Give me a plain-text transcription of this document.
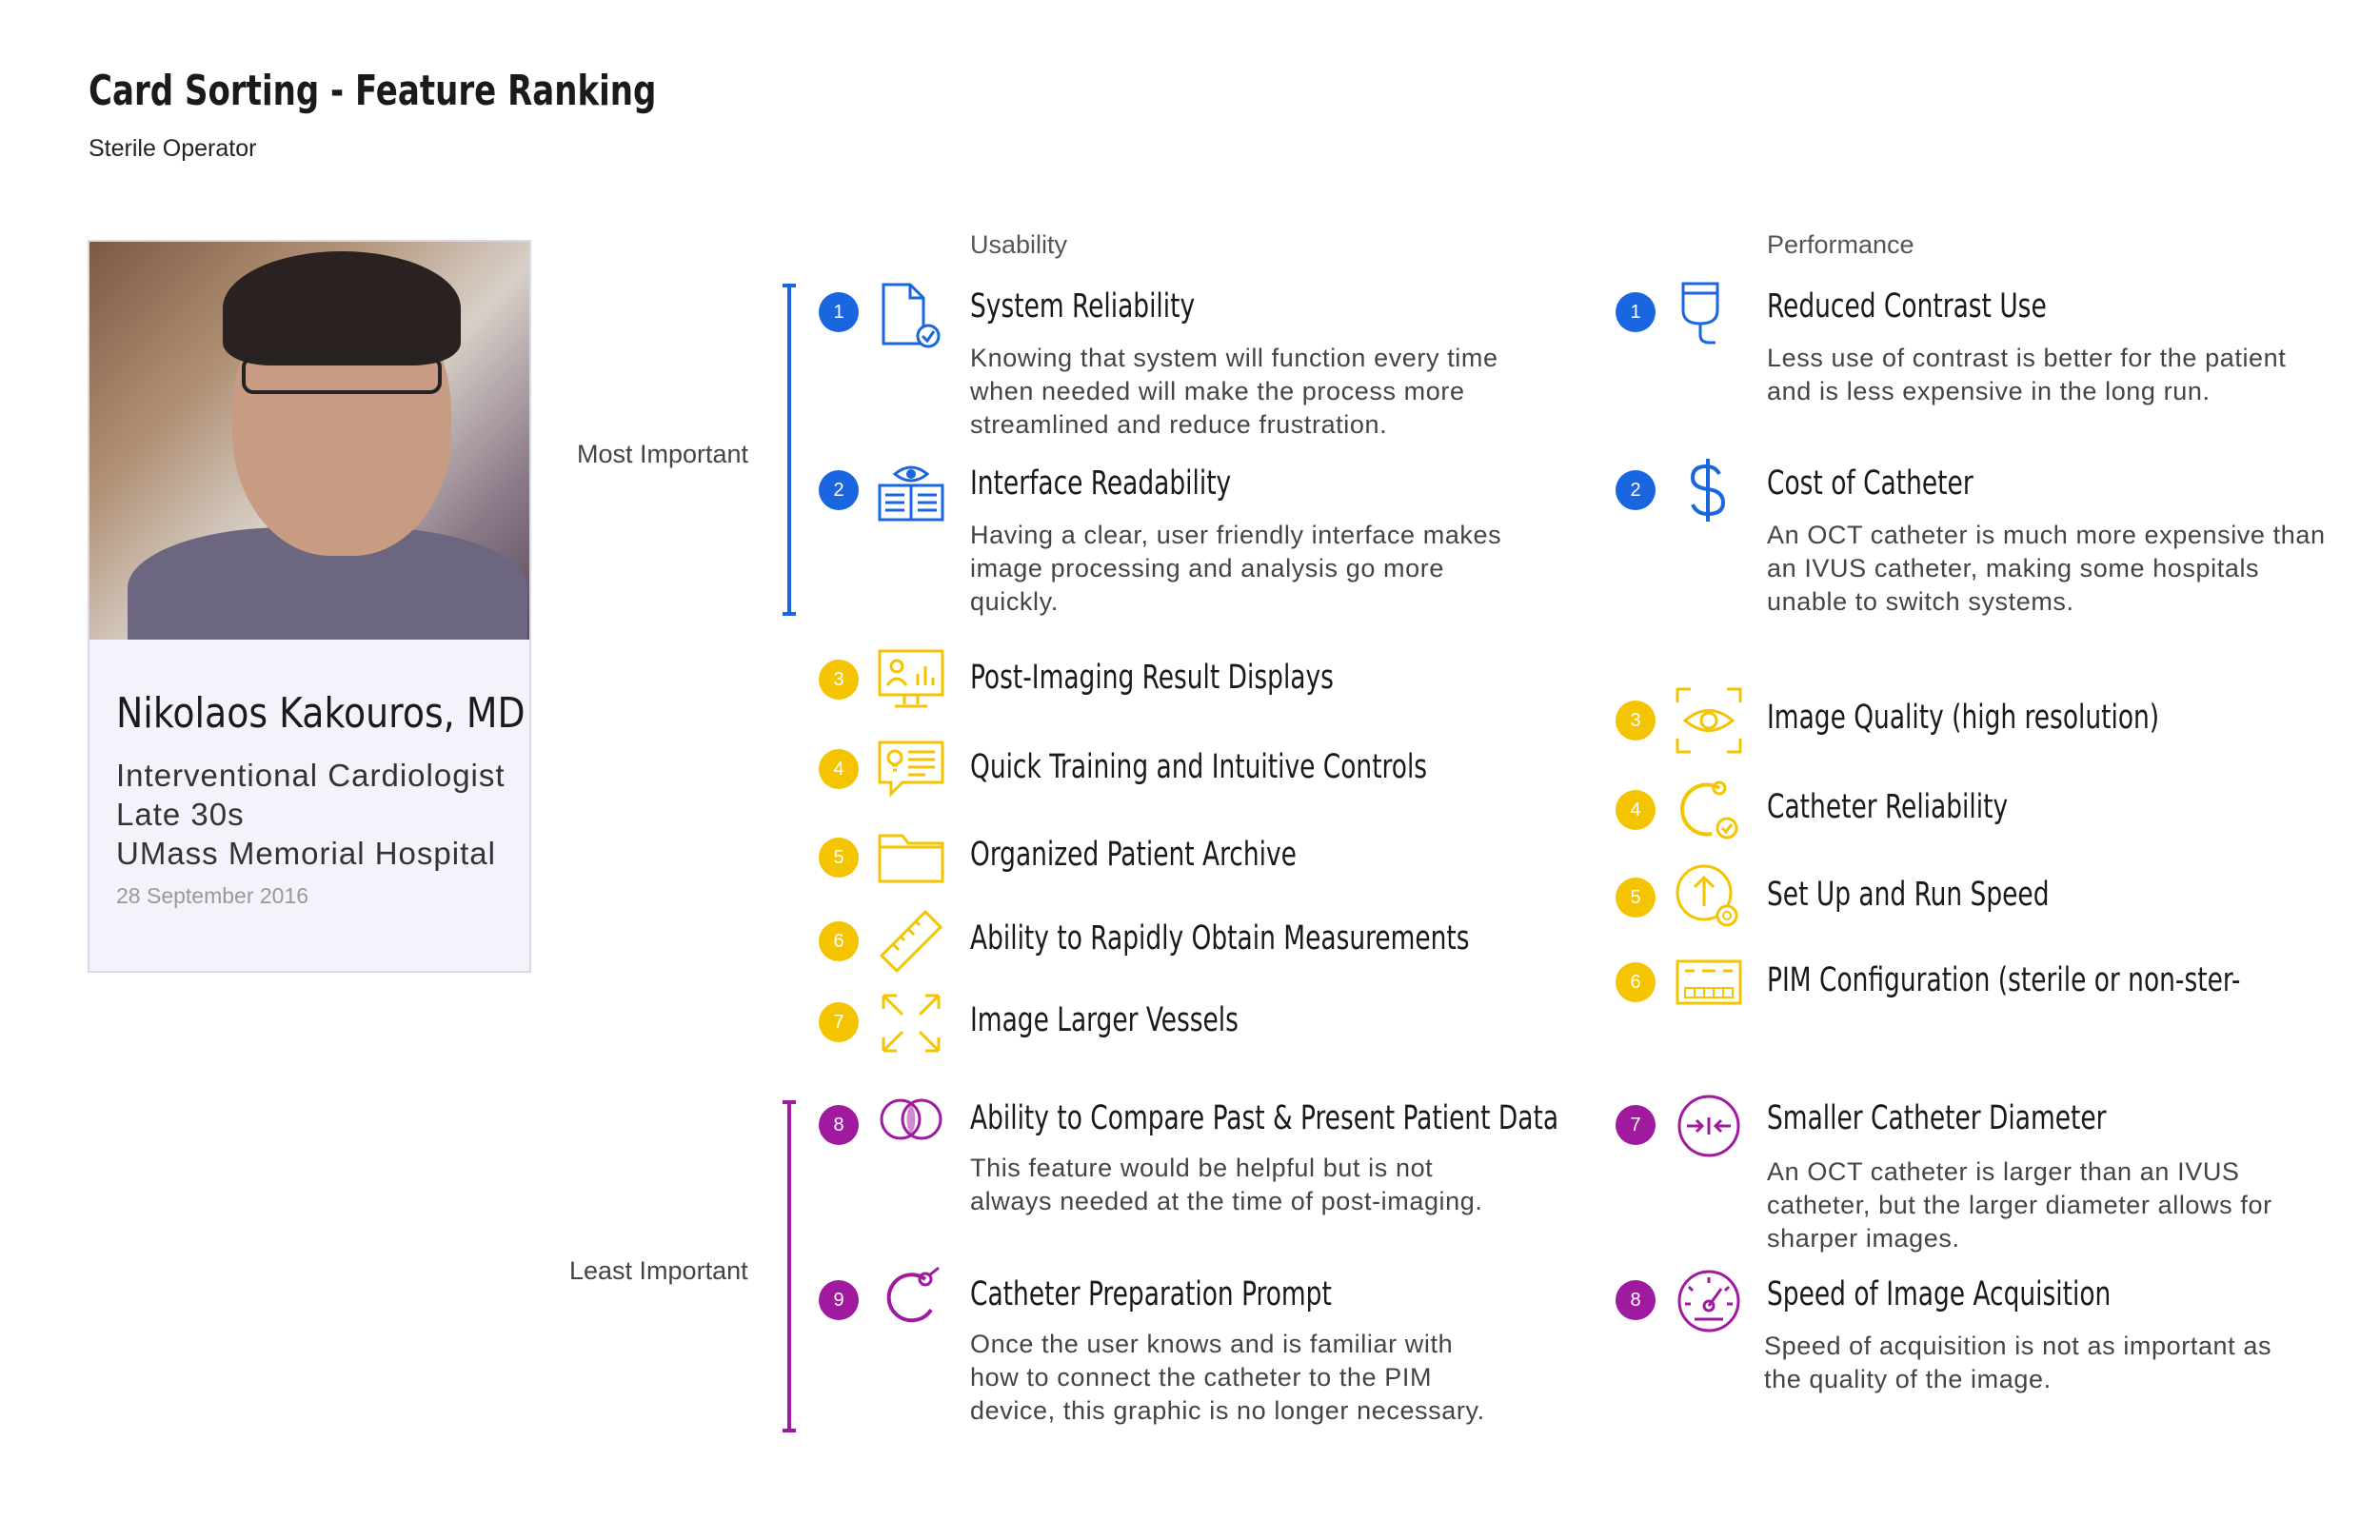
Card Sorting - Feature Ranking
Sterile Operator
Nikolaos Kakouros, MD
Interventional Cardiologist
Late 30s
UMass Memorial Hospital
28 September 2016
Most Important
Least Important
Usability	Performance
1	System Reliability
Knowing that system will function every time when needed will make the process more streamlined and reduce frustration.
2	Interface Readability
Having a clear, user friendly interface makes image processing and analysis go more quickly.
3	Post-Imaging Result Displays
4	Quick Training and Intuitive Controls
5	Organized Patient Archive
6	Ability to Rapidly Obtain Measurements
7	Image Larger Vessels
8	Ability to Compare Past & Present Patient Data
This feature would be helpful but is not always needed at the time of post-imaging.
9	Catheter Preparation Prompt
Once the user knows and is familiar with how to connect the catheter to the PIM device, this graphic is no longer necessary.
1	Reduced Contrast Use
Less use of contrast is better for the patient and is less expensive in the long run.
2	Cost of Catheter
An OCT catheter is much more expensive than an IVUS catheter, making some hospitals unable to switch systems.
3	Image Quality (high resolution)
4	Catheter Reliability
5	Set Up and Run Speed
6	PIM Configuration (sterile or non-ster-
7	Smaller Catheter Diameter
An OCT catheter is larger than an IVUS catheter, but the larger diameter allows for sharper images.
8	Speed of Image Acquisition
Speed of acquisition is not as important as the quality of the image.
